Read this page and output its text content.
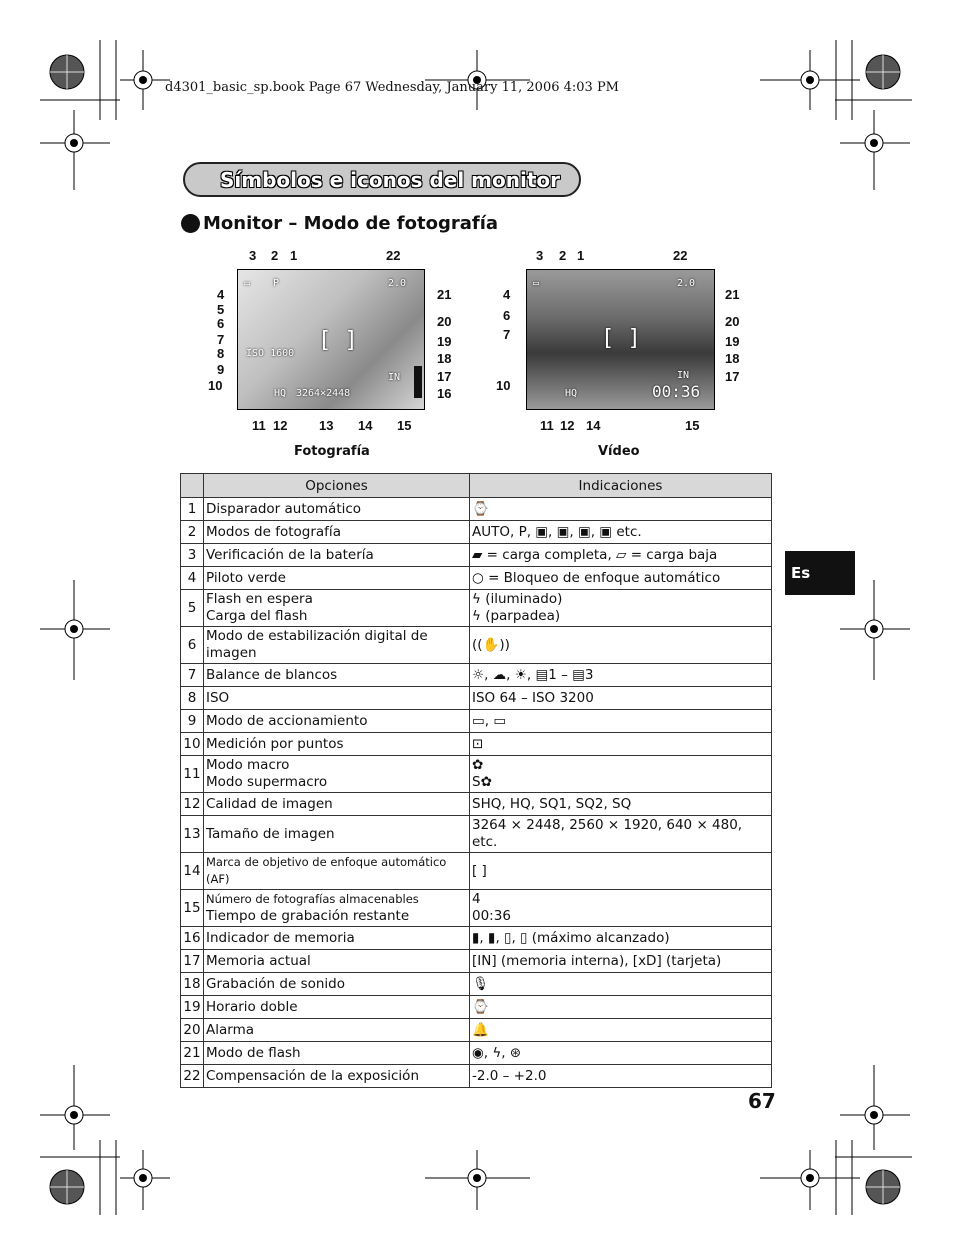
d4301_basic_sp.book Page 67 Wednesday, January 11, 2006 4:03 PM
Símbolos e iconos del monitor
Monitor – Modo de fotografía
▭ P	2.0
ISO 1600
HQ 3264×2448
IN
[ ]
▭	2.0
HQ	00:36
IN
[ ]
3 2 1	22
4
5
6
7
8
9
10
21
20
19
18
17
16
11 12 13 14 15
3 2 1	22
4
6
7
10
21
20
19
18
17
11 12 14	15
Fotografía	Vídeo
	Opciones	Indicaciones
1	Disparador automático	⌚

2	Modos de fotografía	AUTO, P, ▣, ▣, ▣, ▣ etc.

3	Verificación de la batería	▰ = carga completa, ▱ = carga baja

4	Piloto verde	○ = Bloqueo de enfoque automático

5	Flash en espera
Carga del flash	ϟ (iluminado)
ϟ (parpadea)

6	Modo de estabilización digital de imagen	((✋))

7	Balance de blancos	☼, ☁, ☀, ▤1 – ▤3

8	ISO	ISO 64 – ISO 3200

9	Modo de accionamiento	▭, ▭

10	Medición por puntos	⊡

11	Modo macro
Modo supermacro	✿
S✿

12	Calidad de imagen	SHQ, HQ, SQ1, SQ2, SQ

13	Tamaño de imagen	3264 × 2448, 2560 × 1920, 640 × 480, etc.

14	Marca de objetivo de enfoque automático (AF)	[ ]

15	Número de fotografías almacenables
Tiempo de grabación restante	4
00:36

16	Indicador de memoria	▮, ▮, ▯, ▯ (máximo alcanzado)

17	Memoria actual	[IN] (memoria interna), [xD] (tarjeta)

18	Grabación de sonido	🎙

19	Horario doble	⌚

20	Alarma	🔔

21	Modo de flash	◉, ϟ, ⊛

22	Compensación de la exposición	-2.0 – +2.0
Es
67
